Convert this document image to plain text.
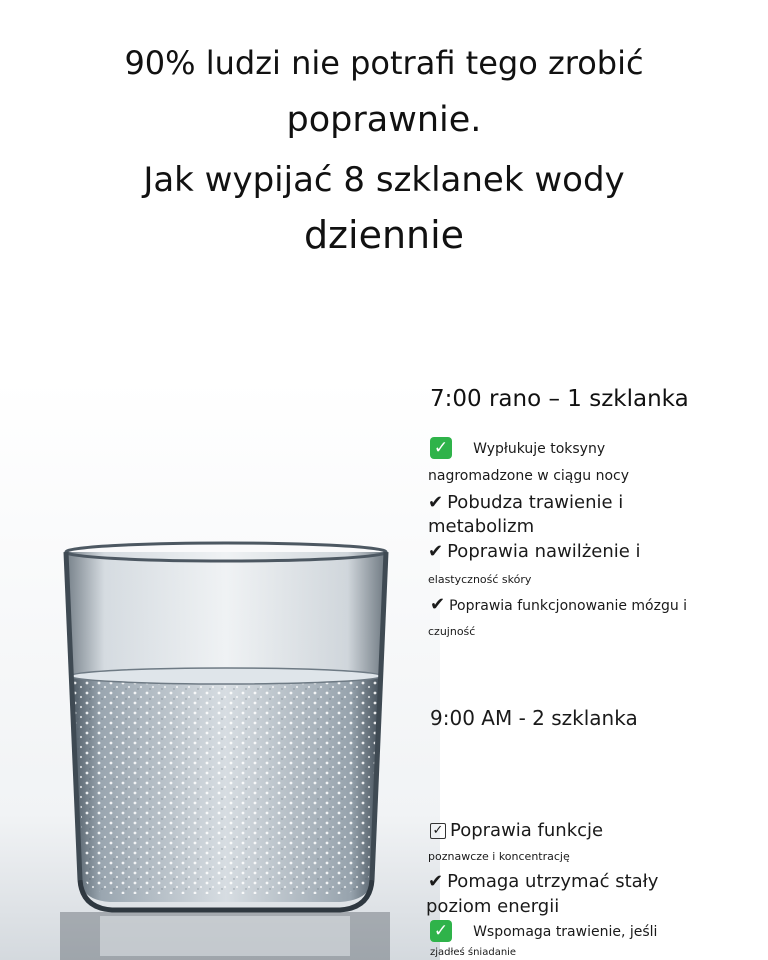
90% ludzi nie potrafi tego zrobić
poprawnie.
Jak wypijać 8 szklanek wody
dziennie
7:00 rano – 1 szklanka
✓ Wypłukuje toksyny
nagromadzone w ciągu nocy
✔ Pobudza trawienie i
metabolizm
✔ Poprawia nawilżenie i
elastyczność skóry
✔ Poprawia funkcjonowanie mózgu i
czujność
9:00 AM - 2 szklanka
✓ Poprawia funkcje
poznawcze i koncentrację
✔ Pomaga utrzymać stały
poziom energii
✓ Wspomaga trawienie, jeśli
zjadłeś śniadanie
